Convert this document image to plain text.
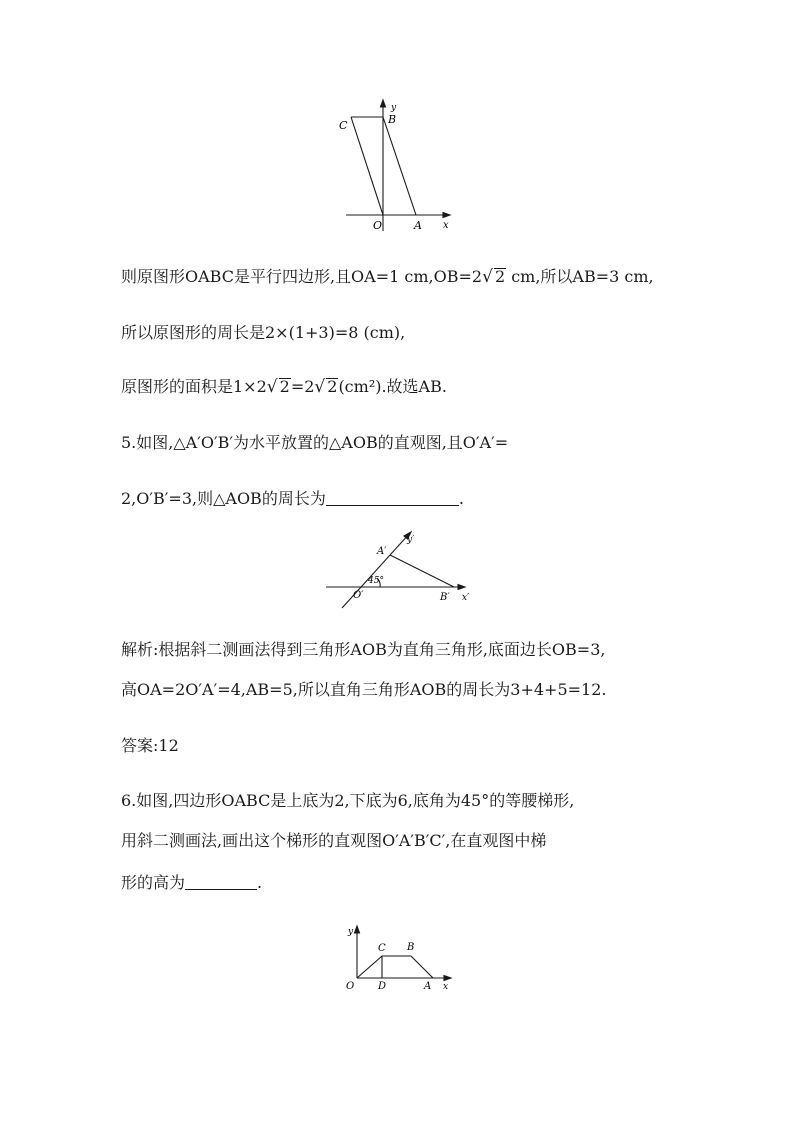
C	B
y
O	A x
则原图形OABC是平行四边形,且OA=1 cm,OB=2√ 2 cm,所以AB=3 cm,
所以原图形的周长是2×(1+3)=8 (cm),
原图形的面积是1×2√ 2=2√ 2(cm²).故选AB.
5.如图,△A′O′B′为水平放置的△AOB的直观图,且O′A′=
2,O′B′=3,则△AOB的周长为	.
A′
y′
45°
O′	B′ x′
解析:根据斜二测画法得到三角形AOB为直角三角形,底面边长OB=3,
高OA=2O′A′=4,AB=5,所以直角三角形AOB的周长为3+4+5=12.
答案:12
6.如图,四边形OABC是上底为2,下底为6,底角为45°的等腰梯形,
用斜二测画法,画出这个梯形的直观图O′A′B′C′,在直观图中梯
形的高为	.
y
C B
O D	A x
